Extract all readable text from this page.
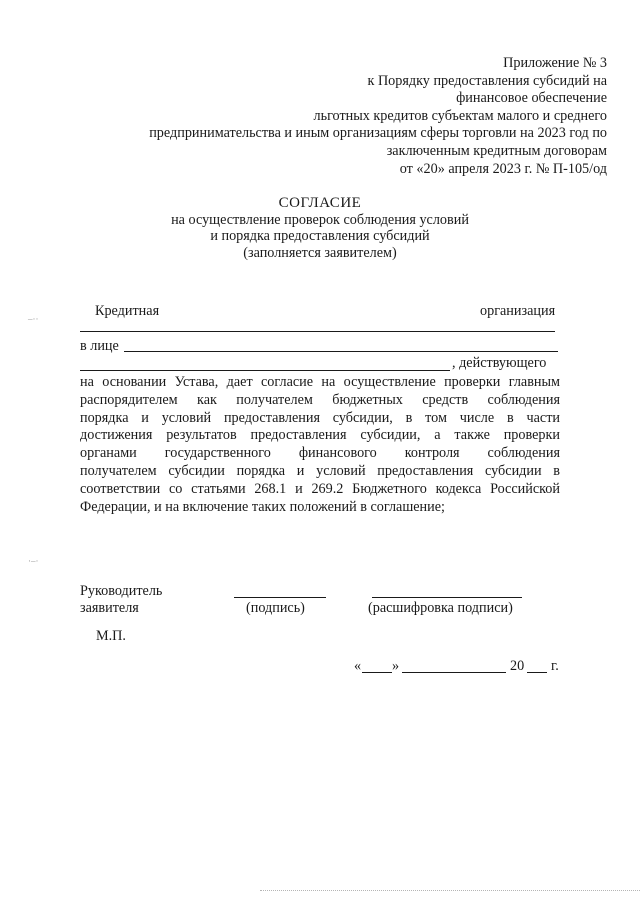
Приложение № 3
к Порядку предоставления субсидий на
финансовое обеспечение
льготных кредитов субъектам малого и среднего
предпринимательства и иным организациям сферы торговли на 2023 год по
заключенным кредитным договорам
от «20» апреля 2023 г. № П-105/од
СОГЛАСИЕ
на осуществление проверок соблюдения условий
и порядка предоставления субсидий
(заполняется заявителем)
Кредитная	организация
в лице
, действующего
на основании Устава, дает согласие на осуществление проверки главным
распорядителем как получателем бюджетных средств соблюдения
порядка и условий предоставления субсидии, в том числе в части
достижения результатов предоставления субсидии, а также проверки
органами государственного финансового контроля соблюдения
получателем субсидии порядка и условий предоставления субсидии в
соответствии со статьями 268.1 и 269.2 Бюджетного кодекса Российской
Федерации, и на включение таких положений в соглашение;
Руководитель
заявителя	(подпись)	(расшифровка подписи)
М.П.
« »	20 г.
–··
·–·
